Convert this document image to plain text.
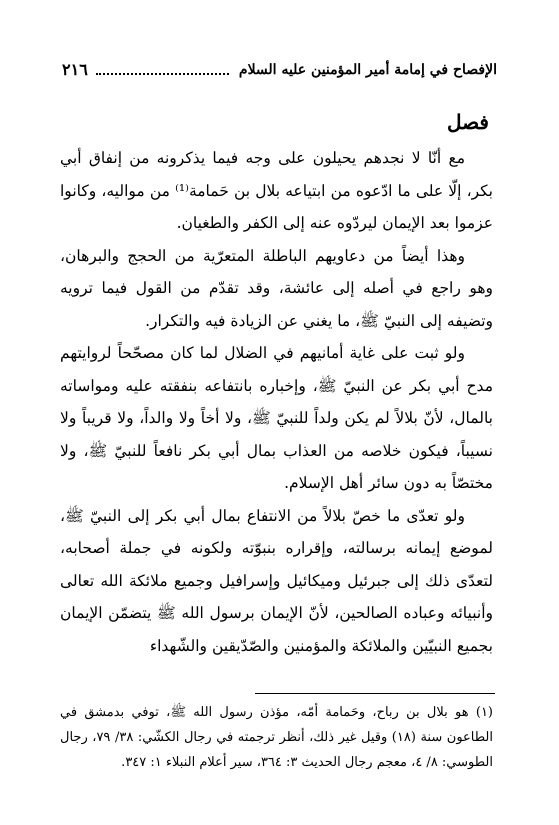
الإفصاح في إمامة أمير المؤمنين عليه السلام
٢١٦
فصل

مع أنّا لا نجدهم يحيلون على وجه فيما يذكرونه من إنفاق أبي بكر، إلّا على ما ادّعوه من ابتياعه بلال بن حَمامة⁽¹⁾ من مواليه، وكانوا عزموا بعد الإيمان ليردّوه عنه إلى الكفر والطغيان.

وهذا أيضاً من دعاويهم الباطلة المتعرّية من الحجج والبرهان، وهو راجع في أصله إلى عائشة، وقد تقدّم من القول فيما ترويه وتضيفه إلى النبيّ ﷺ، ما يغني عن الزيادة فيه والتكرار.

ولو ثبت على غاية أمانيهم في الضلال لما كان مصحّحاً لروايتهم مدح أبي بكر عن النبيّ ﷺ، وإخباره بانتفاعه بنفقته عليه ومواساته بالمال، لأنّ بلالاً لم يكن ولداً للنبيّ ﷺ، ولا أخاً ولا والداً، ولا قريباً ولا نسيباً، فيكون خلاصه من العذاب بمال أبي بكر نافعاً للنبيّ ﷺ، ولا مختصّاً به دون سائر أهل الإسلام.

ولو تعدّى ما خصّ بلالاً من الانتفاع بمال أبي بكر إلى النبيّ ﷺ، لموضع إيمانه برسالته، وإقراره بنبوّته ولكونه في جملة أصحابه، لتعدّى ذلك إلى جبرئيل وميكائيل وإسرافيل وجميع ملائكة الله تعالى وأنبيائه وعباده الصالحين، لأنّ الإيمان برسول الله ﷺ يتضمّن الإيمان بجميع النبيّين والملائكة والمؤمنين والصّدّيقين والشّهداء

(١) هو بلال بن رباح، وحَمامة أمّه، مؤذن رسول الله ﷺ، توفي بدمشق في الطاعون سنة (١٨) وقيل غير ذلك، أنظر ترجمته في رجال الكشّي: ٣٨/ ٧٩، رجال الطوسي: ٨/ ٤، معجم رجال الحديث ٣: ٣٦٤، سير أعلام النبلاء ١: ٣٤٧.
